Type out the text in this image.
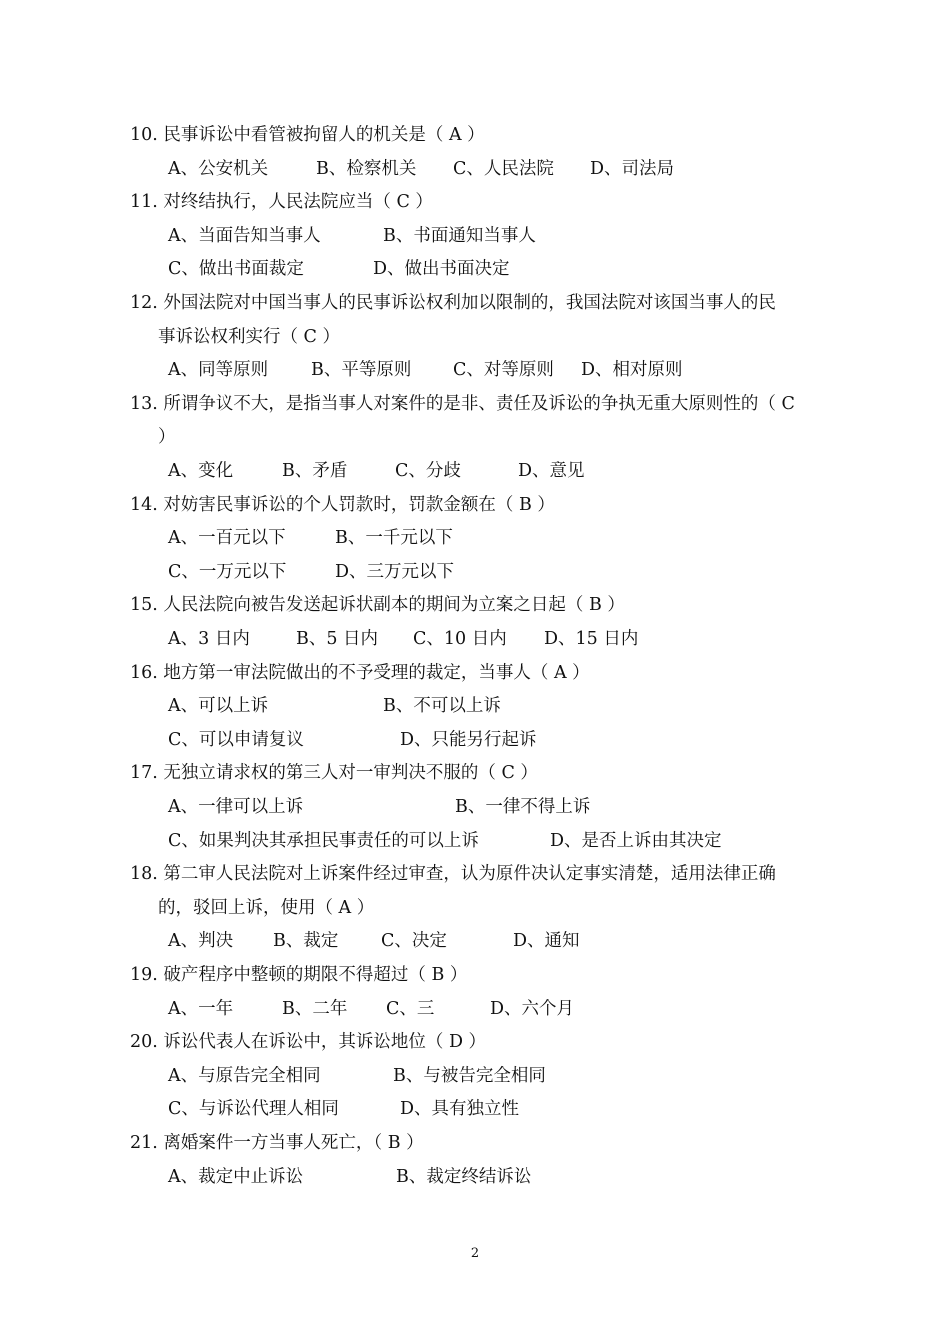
2
10. 民事诉讼中看管被拘留人的机关是（ A ）
A、公安机关	B、检察机关 C、人民法院 D、司法局
11. 对终结执行，人民法院应当（ C ）
A、当面告知当事人	B、书面通知当事人
C、做出书面裁定	D、做出书面决定
12. 外国法院对中国当事人的民事诉讼权利加以限制的，我国法院对该国当事人的民
事诉讼权利实行（ C ）
A、同等原则 B、平等原则 C、对等原则 D、相对原则
13. 所谓争议不大，是指当事人对案件的是非、责任及诉讼的争执无重大原则性的（ C
）
A、变化	B、矛盾	C、分歧	D、意见
14. 对妨害民事诉讼的个人罚款时，罚款金额在（ B ）
A、一百元以下	B、一千元以下
C、一万元以下	D、三万元以下
15. 人民法院向被告发送起诉状副本的期间为立案之日起（ B ）
A、3 日内	B、5 日内 C、10 日内 D、15 日内
16. 地方第一审法院做出的不予受理的裁定，当事人（ A ）
A、可以上诉	B、不可以上诉
C、可以申请复议	D、只能另行起诉
17. 无独立请求权的第三人对一审判决不服的（ C ）
A、一律可以上诉	B、一律不得上诉
C、如果判决其承担民事责任的可以上诉	D、是否上诉由其决定
18. 第二审人民法院对上诉案件经过审查，认为原件决认定事实清楚，适用法律正确
的，驳回上诉，使用（ A ）
A、判决 B、裁定 C、决定	D、通知
19. 破产程序中整顿的期限不得超过（ B ）
A、一年	B、二年 C、三	D、六个月
20. 诉讼代表人在诉讼中，其诉讼地位（ D ）
A、与原告完全相同	B、与被告完全相同
C、与诉讼代理人相同	D、具有独立性
21. 离婚案件一方当事人死亡，（ B ）
A、裁定中止诉讼	B、裁定终结诉讼
